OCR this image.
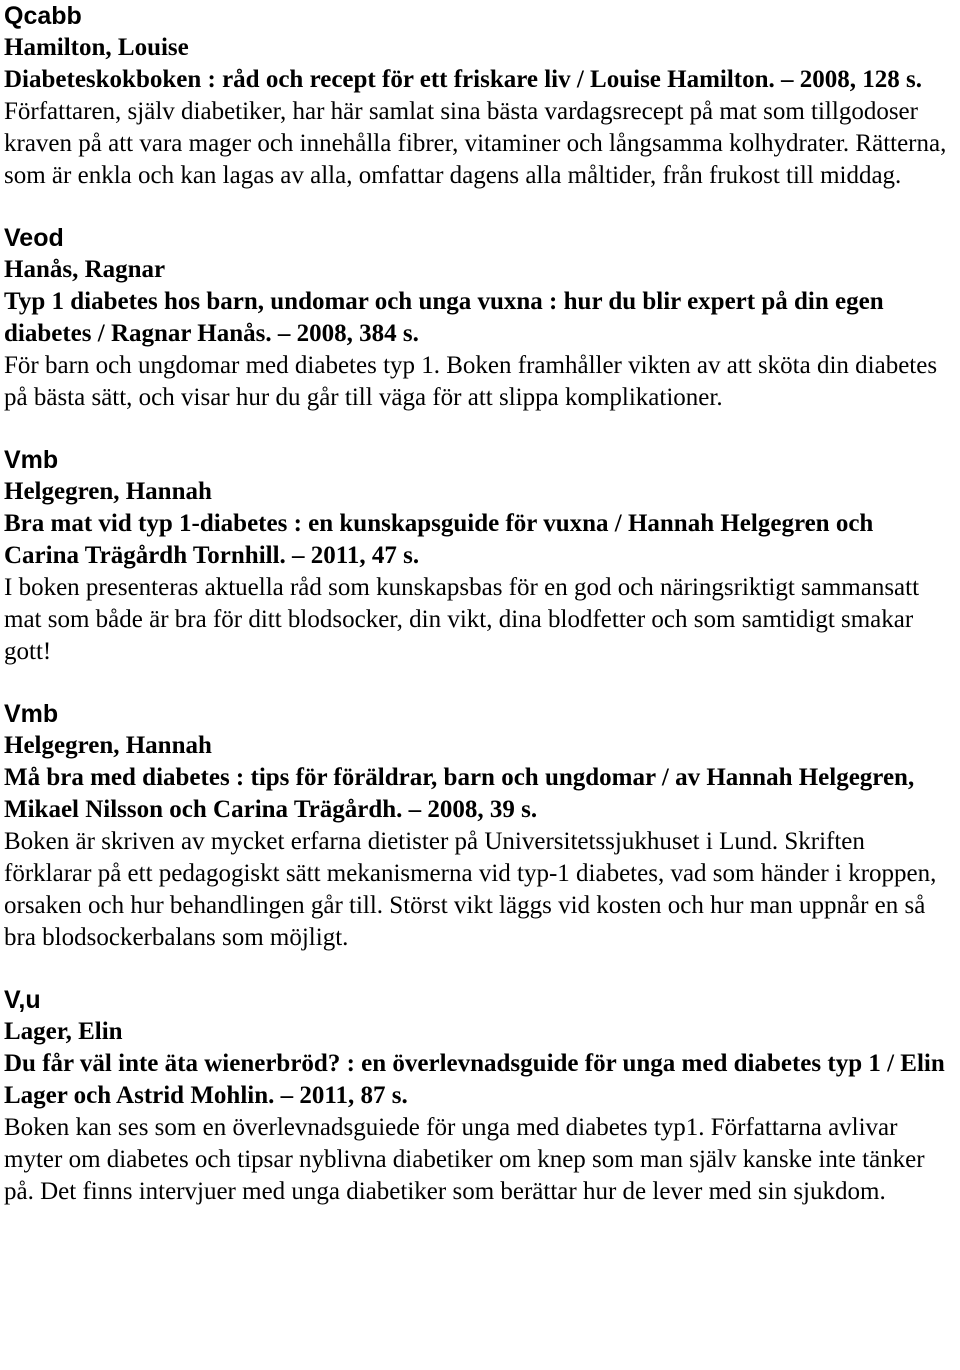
Qcabb
Hamilton, Louise
Diabeteskokboken : råd och recept för ett friskare liv / Louise Hamilton. – 2008, 128 s.
Författaren, själv diabetiker, har här samlat sina bästa vardagsrecept på mat som tillgodoser kraven på att vara mager och innehålla fibrer, vitaminer och långsamma kolhydrater. Rätterna, som är enkla och kan lagas av alla, omfattar dagens alla måltider, från frukost till middag.
Veod
Hanås, Ragnar
Typ 1 diabetes hos barn, undomar och unga vuxna : hur du blir expert på din egen diabetes / Ragnar Hanås. – 2008, 384 s.
För barn och ungdomar med diabetes typ 1. Boken framhåller vikten av att sköta din diabetes på bästa sätt, och visar hur du går till väga för att slippa komplikationer.
Vmb
Helgegren, Hannah
Bra mat vid typ 1-diabetes : en kunskapsguide för vuxna / Hannah Helgegren och Carina Trägårdh Tornhill. – 2011, 47 s.
I boken presenteras aktuella råd som kunskapsbas för en god och näringsriktigt sammansatt mat som både är bra för ditt blodsocker, din vikt, dina blodfetter och som samtidigt smakar gott!
Vmb
Helgegren, Hannah
Må bra med diabetes : tips för föräldrar, barn och ungdomar / av Hannah Helgegren, Mikael Nilsson och Carina Trägårdh. – 2008, 39 s.
Boken är skriven av mycket erfarna dietister på Universitetssjukhuset i Lund. Skriften förklarar på ett pedagogiskt sätt mekanismerna vid typ-1 diabetes, vad som händer i kroppen, orsaken och hur behandlingen går till. Störst vikt läggs vid kosten och hur man uppnår en så bra blodsockerbalans som möjligt.
V,u
Lager, Elin
Du får väl inte äta wienerbröd? : en överlevnadsguide för unga med diabetes typ 1 / Elin Lager och Astrid Mohlin. – 2011, 87 s.
Boken kan ses som en överlevnadsguiede för unga med diabetes typ1. Författarna avlivar myter om diabetes och tipsar nyblivna diabetiker om knep som man själv kanske inte tänker på. Det finns intervjuer med unga diabetiker som berättar hur de lever med sin sjukdom.
